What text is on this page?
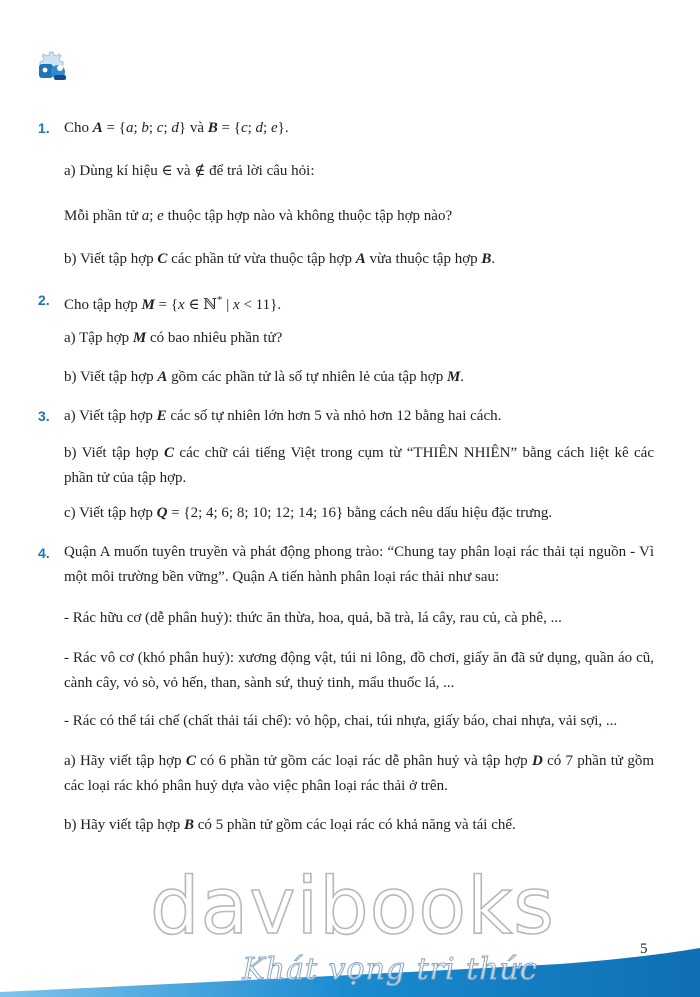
1. Cho A = {a; b; c; d} và B = {c; d; e}.
a) Dùng kí hiệu ∈ và ∉ để trả lời câu hỏi:
Mỗi phần tử a; e thuộc tập hợp nào và không thuộc tập hợp nào?
b) Viết tập hợp C các phần tử vừa thuộc tập hợp A vừa thuộc tập hợp B.
2. Cho tập hợp M = {x ∈ ℕ* | x < 11}.
a) Tập hợp M có bao nhiêu phần tử?
b) Viết tập hợp A gồm các phần tử là số tự nhiên lẻ của tập hợp M.
3. a) Viết tập hợp E các số tự nhiên lớn hơn 5 và nhỏ hơn 12 bằng hai cách.
b) Viết tập hợp C các chữ cái tiếng Việt trong cụm từ “THIÊN NHIÊN” bằng cách liệt kê các phần tử của tập hợp.
c) Viết tập hợp Q = {2; 4; 6; 8; 10; 12; 14; 16} bằng cách nêu dấu hiệu đặc trưng.
4. Quận A muốn tuyên truyền và phát động phong trào: “Chung tay phân loại rác thải tại nguồn - Vì một môi trường bền vững”. Quận A tiến hành phân loại rác thải như sau:
- Rác hữu cơ (dễ phân huỷ): thức ăn thừa, hoa, quả, bã trà, lá cây, rau củ, cà phê, ...
- Rác vô cơ (khó phân huỷ): xương động vật, túi ni lông, đồ chơi, giấy ăn đã sử dụng, quần áo cũ, cành cây, vỏ sò, vỏ hến, than, sành sứ, thuỷ tinh, mẩu thuốc lá, ...
- Rác có thể tái chế (chất thải tái chế): vỏ hộp, chai, túi nhựa, giấy báo, chai nhựa, vải sợi, ...
a) Hãy viết tập hợp C có 6 phần tử gồm các loại rác dễ phân huỷ và tập hợp D có 7 phần tử gồm các loại rác khó phân huỷ dựa vào việc phân loại rác thải ở trên.
b) Hãy viết tập hợp B có 5 phần tử gồm các loại rác có khả năng và tái chế.
davibooks
Khát vọng tri thức
5
